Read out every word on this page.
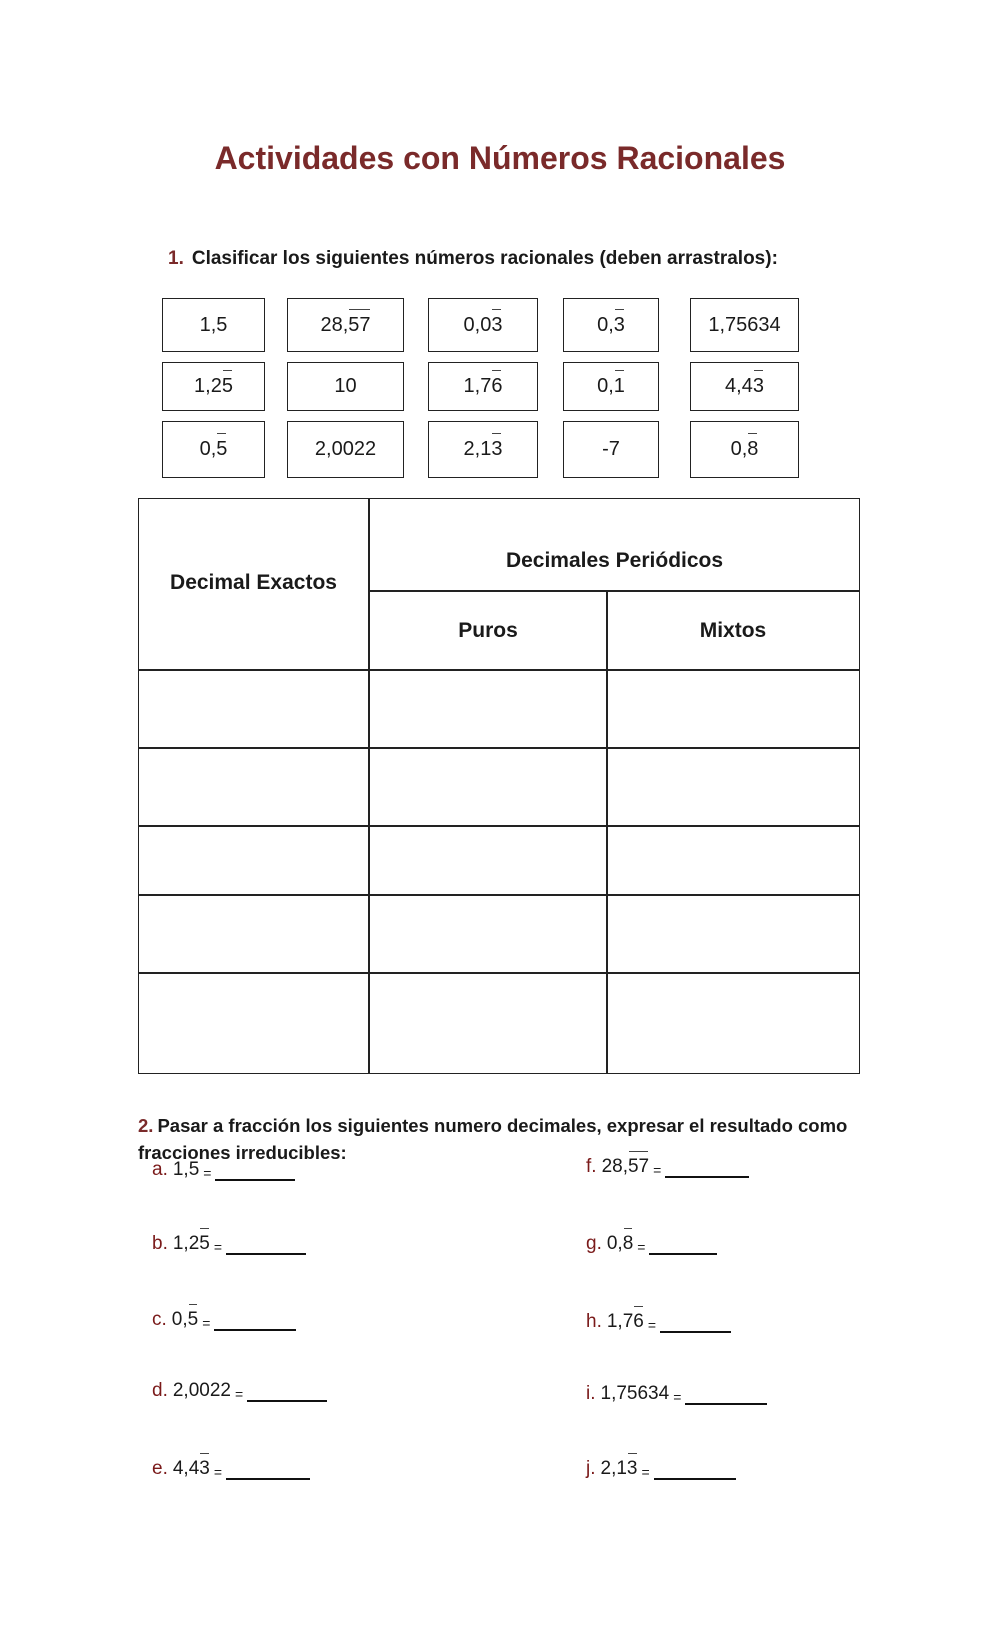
Actividades con Números Racionales
1. Clasificar los siguientes números racionales (deben arrastralos):
1,5	28,57	0,03	0,3	1,75634
1,25	10	1,76	0,1	4,43
0,5	2,0022	2,13	-7	0,8
Decimal Exactos
Decimales Periódicos
Puros	Mixtos
2. Pasar a fracción los siguientes numero decimales, expresar el resultado como fracciones irreducibles:
a. 1,5 =
b. 1,25 =
c. 0,5 =
d. 2,0022 =
e. 4,43 =
f. 28,57 =
g. 0,8 =
h. 1,76 =
i. 1,75634 =
j. 2,13 =
